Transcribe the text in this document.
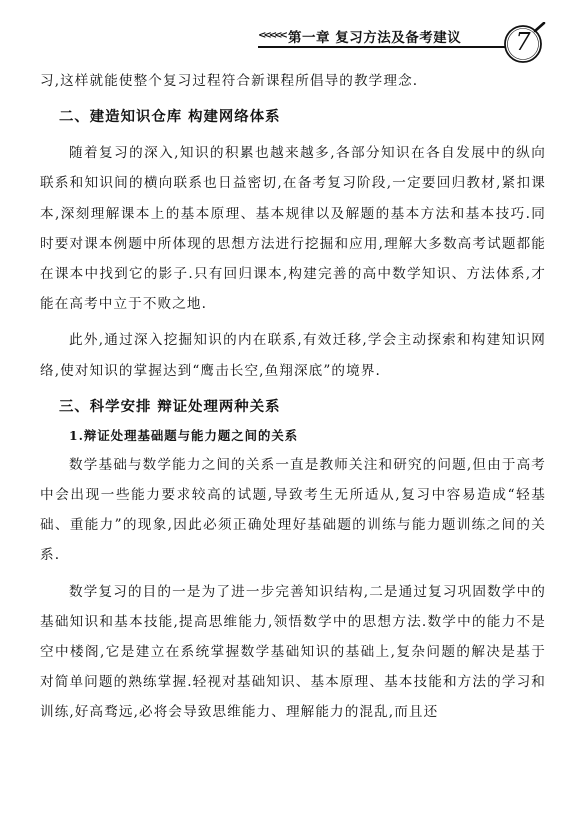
<<<<< 第一章 复习方法及备考建议	7

习,这样就能使整个复习过程符合新课程所倡导的教学理念.

二、建造知识仓库 构建网络体系

随着复习的深入,知识的积累也越来越多,各部分知识在各自发展中的纵向联系和知识间的横向联系也日益密切,在备考复习阶段,一定要回归教材,紧扣课本,深刻理解课本上的基本原理、基本规律以及解题的基本方法和基本技巧.同时要对课本例题中所体现的思想方法进行挖掘和应用,理解大多数高考试题都能在课本中找到它的影子.只有回归课本,构建完善的高中数学知识、方法体系,才能在高考中立于不败之地.

此外,通过深入挖掘知识的内在联系,有效迁移,学会主动探索和构建知识网络,使对知识的掌握达到“鹰击长空,鱼翔深底”的境界.

三、科学安排 辩证处理两种关系
1.辩证处理基础题与能力题之间的关系

数学基础与数学能力之间的关系一直是教师关注和研究的问题,但由于高考中会出现一些能力要求较高的试题,导致考生无所适从,复习中容易造成“轻基础、重能力”的现象,因此必须正确处理好基础题的训练与能力题训练之间的关系.

数学复习的目的一是为了进一步完善知识结构,二是通过复习巩固数学中的基础知识和基本技能,提高思维能力,领悟数学中的思想方法.数学中的能力不是空中楼阁,它是建立在系统掌握数学基础知识的基础上,复杂问题的解决是基于对简单问题的熟练掌握.轻视对基础知识、基本原理、基本技能和方法的学习和训练,好高骛远,必将会导致思维能力、理解能力的混乱,而且还
